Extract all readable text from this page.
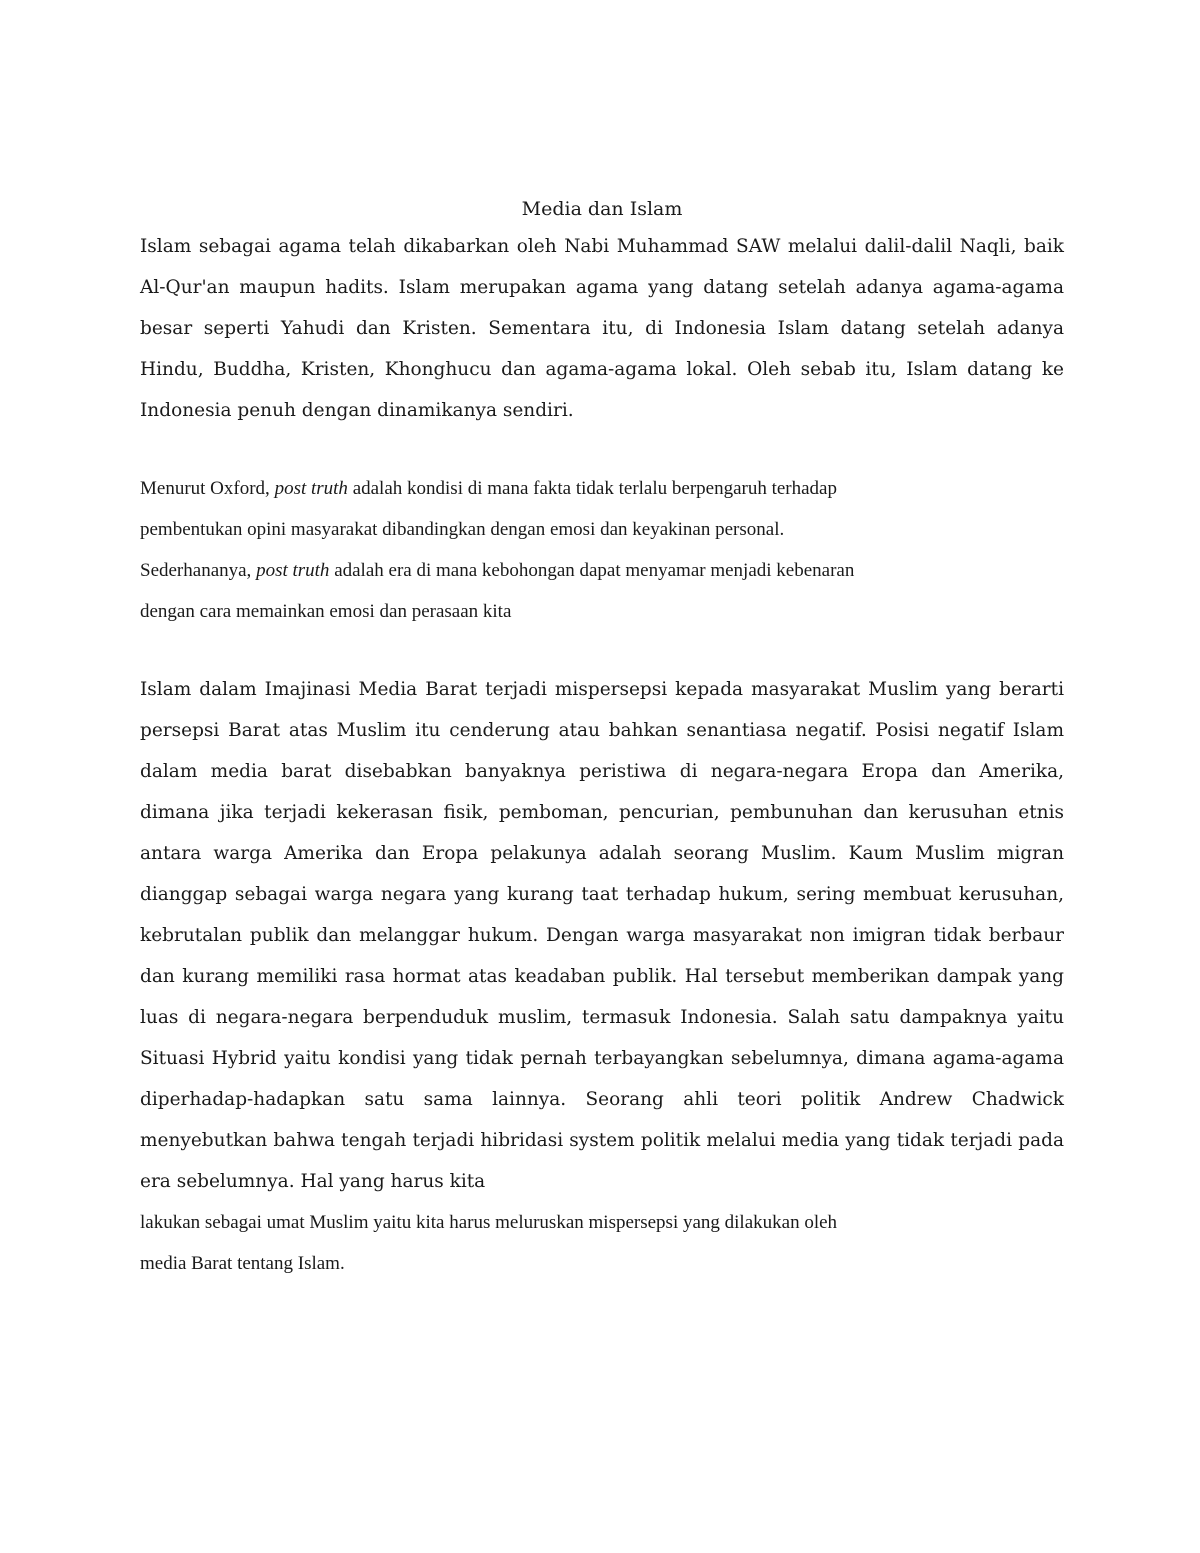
Media dan Islam

Islam sebagai agama telah dikabarkan oleh Nabi Muhammad SAW melalui dalil-dalil Naqli, baik Al-Qur'an maupun hadits. Islam merupakan agama yang datang setelah adanya agama-agama besar seperti Yahudi dan Kristen. Sementara itu, di Indonesia Islam datang setelah adanya Hindu, Buddha, Kristen, Khonghucu dan agama-agama lokal. Oleh sebab itu, Islam datang ke Indonesia penuh dengan dinamikanya sendiri.

Menurut Oxford, post truth adalah kondisi di mana fakta tidak terlalu berpengaruh terhadap
pembentukan opini masyarakat dibandingkan dengan emosi dan keyakinan personal.
Sederhananya, post truth adalah era di mana kebohongan dapat menyamar menjadi kebenaran
dengan cara memainkan emosi dan perasaan kita

Islam dalam Imajinasi Media Barat terjadi mispersepsi kepada masyarakat Muslim yang berarti persepsi Barat atas Muslim itu cenderung atau bahkan senantiasa negatif. Posisi negatif Islam dalam media barat disebabkan banyaknya peristiwa di negara-negara Eropa dan Amerika, dimana jika terjadi kekerasan fisik, pemboman, pencurian, pembunuhan dan kerusuhan etnis antara warga Amerika dan Eropa pelakunya adalah seorang Muslim. Kaum Muslim migran dianggap sebagai warga negara yang kurang taat terhadap hukum, sering membuat kerusuhan, kebrutalan publik dan melanggar hukum. Dengan warga masyarakat non imigran tidak berbaur dan kurang memiliki rasa hormat atas keadaban publik. Hal tersebut memberikan dampak yang luas di negara-negara berpenduduk muslim, termasuk Indonesia. Salah satu dampaknya yaitu Situasi Hybrid yaitu kondisi yang tidak pernah terbayangkan sebelumnya, dimana agama-agama diperhadap-hadapkan satu sama lainnya. Seorang ahli teori politik Andrew Chadwick menyebutkan bahwa tengah terjadi hibridasi system politik melalui media yang tidak terjadi pada era sebelumnya. Hal yang harus kita

lakukan sebagai umat Muslim yaitu kita harus meluruskan mispersepsi yang dilakukan oleh
media Barat tentang Islam.
